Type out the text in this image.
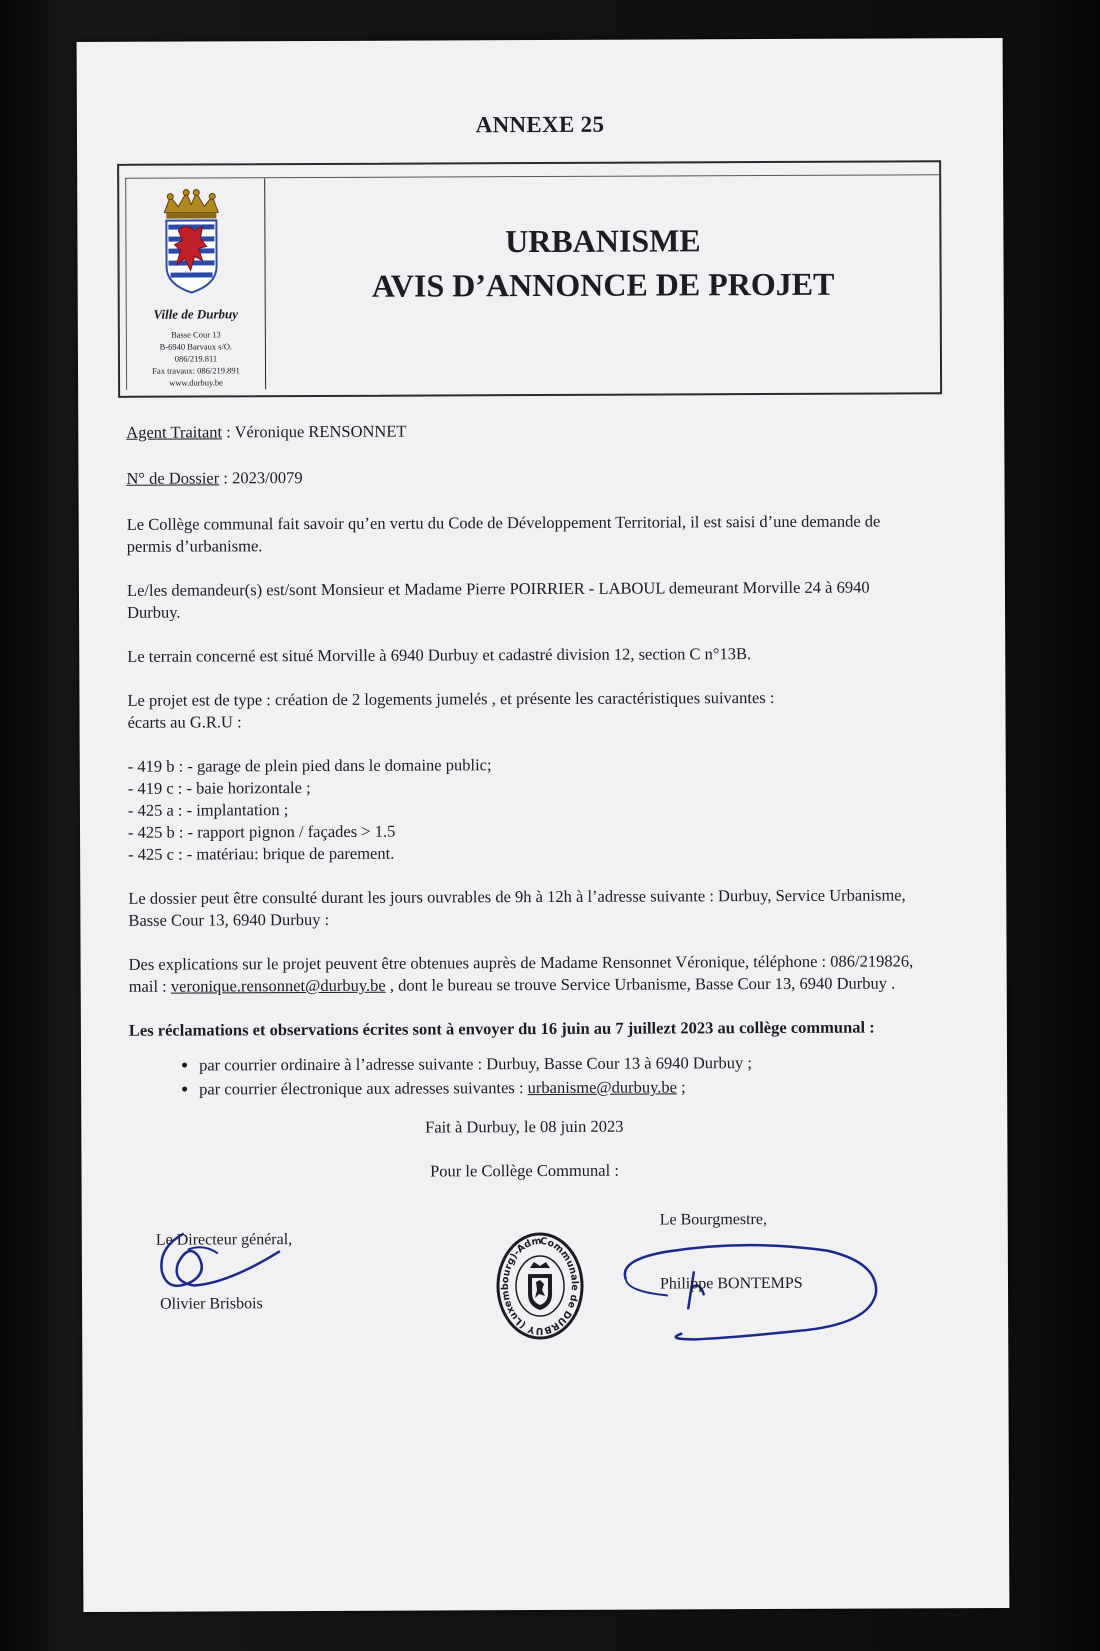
ANNEXE 25
Ville de Durbuy
Basse Cour 13
B-6940 Barvaux s/O.
086/219.811
Fax travaux: 086/219.891
www.durbuy.be
URBANISME
AVIS D’ANNONCE DE PROJET

Agent Traitant : Véronique RENSONNET

N° de Dossier : 2023/0079

Le Collège communal fait savoir qu’en vertu du Code de Développement Territorial, il est saisi d’une demande de permis d’urbanisme.

Le/les demandeur(s) est/sont Monsieur et Madame Pierre POIRRIER - LABOUL demeurant Morville 24 à 6940 Durbuy.

Le terrain concerné est situé Morville à 6940 Durbuy et cadastré division 12, section C n°13B.

Le projet est de type : création de 2 logements jumelés , et présente les caractéristiques suivantes :

écarts au G.R.U :

- 419 b : - garage de plein pied dans le domaine public;
- 419 c : - baie horizontale ;
- 425 a : - implantation ;
- 425 b : - rapport pignon / façades > 1.5
- 425 c : - matériau: brique de parement.

Le dossier peut être consulté durant les jours ouvrables de 9h à 12h à l’adresse suivante : Durbuy, Service Urbanisme, Basse Cour 13, 6940 Durbuy :

Des explications sur le projet peuvent être obtenues auprès de Madame Rensonnet Véronique, téléphone : 086/219826, mail : veronique.rensonnet@durbuy.be , dont le bureau se trouve Service Urbanisme, Basse Cour 13, 6940 Durbuy .

Les réclamations et observations écrites sont à envoyer du 16 juin au 7 juillezt 2023 au collège communal :

• par courrier ordinaire à l’adresse suivante : Durbuy, Basse Cour 13 à 6940 Durbuy ;
• par courrier électronique aux adresses suivantes : urbanisme@durbuy.be ;

Fait à Durbuy, le 08 juin 2023

Pour le Collège Communal :

Le Directeur général,
Olivier Brisbois
Communale de DURBUY (Luxembourg)-Adm.	Le Bourgmestre,
Philippe BONTEMPS
